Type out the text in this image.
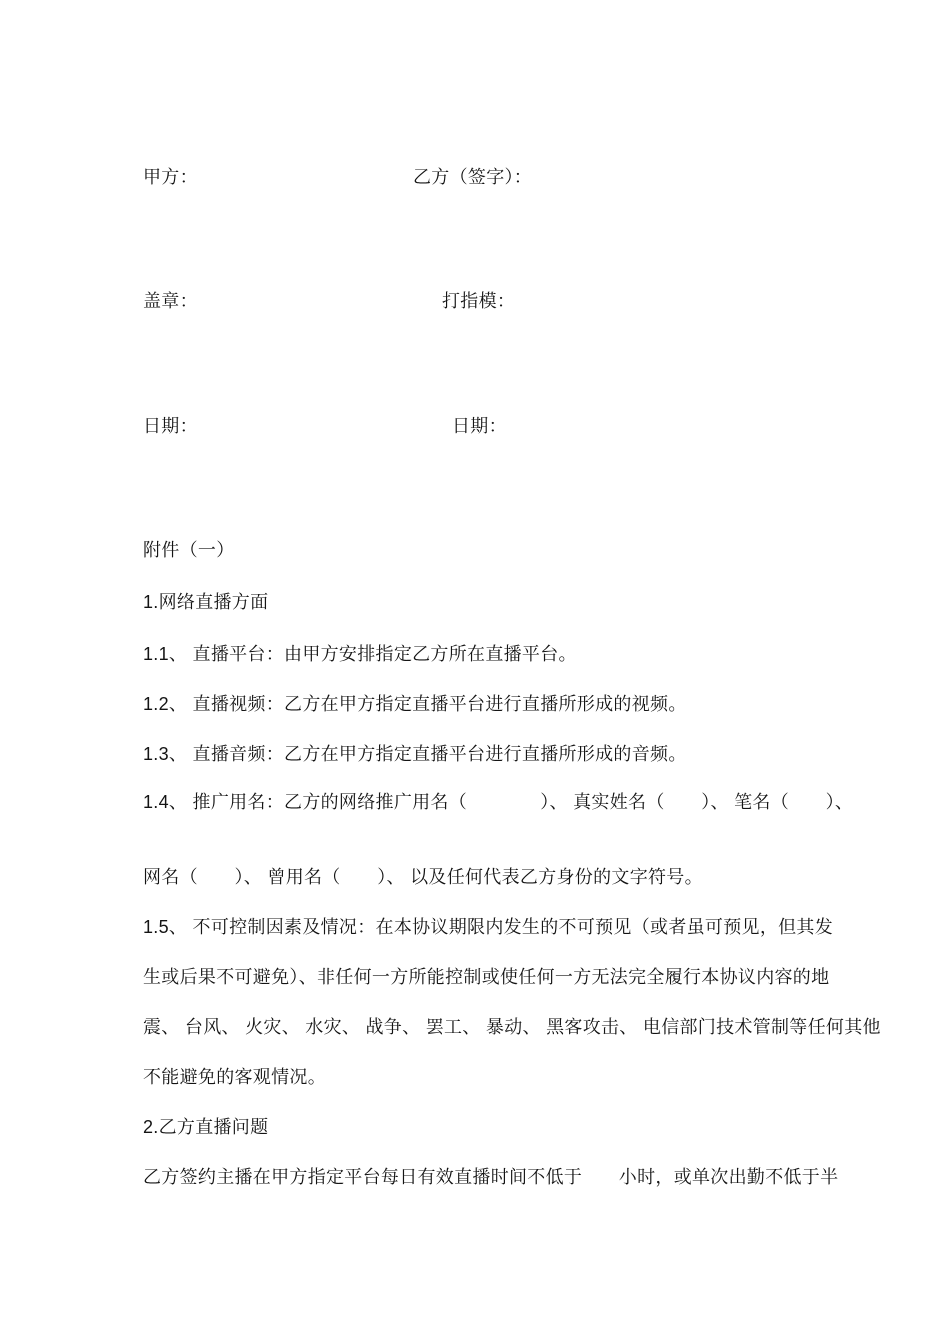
甲方：	乙方（签字）：
盖章：	打指模：
日期：	日期：
附件（一）
1.网络直播方面
1.1、 直播平台：由甲方安排指定乙方所在直播平台。
1.2、 直播视频：乙方在甲方指定直播平台进行直播所形成的视频。
1.3、 直播音频：乙方在甲方指定直播平台进行直播所形成的音频。
1.4、 推广用名：乙方的网络推广用名（　　　　）、 真实姓名（　　）、 笔名（　　）、
网名（　　）、 曾用名（　　）、 以及任何代表乙方身份的文字符号。
1.5、 不可控制因素及情况：在本协议期限内发生的不可预见（或者虽可预见，但其发
生或后果不可避免）、非任何一方所能控制或使任何一方无法完全履行本协议内容的地
震、 台风、 火灾、 水灾、 战争、 罢工、 暴动、 黑客攻击、 电信部门技术管制等任何其他
不能避免的客观情况。
2.乙方直播问题
乙方签约主播在甲方指定平台每日有效直播时间不低于　　小时，或单次出勤不低于半
